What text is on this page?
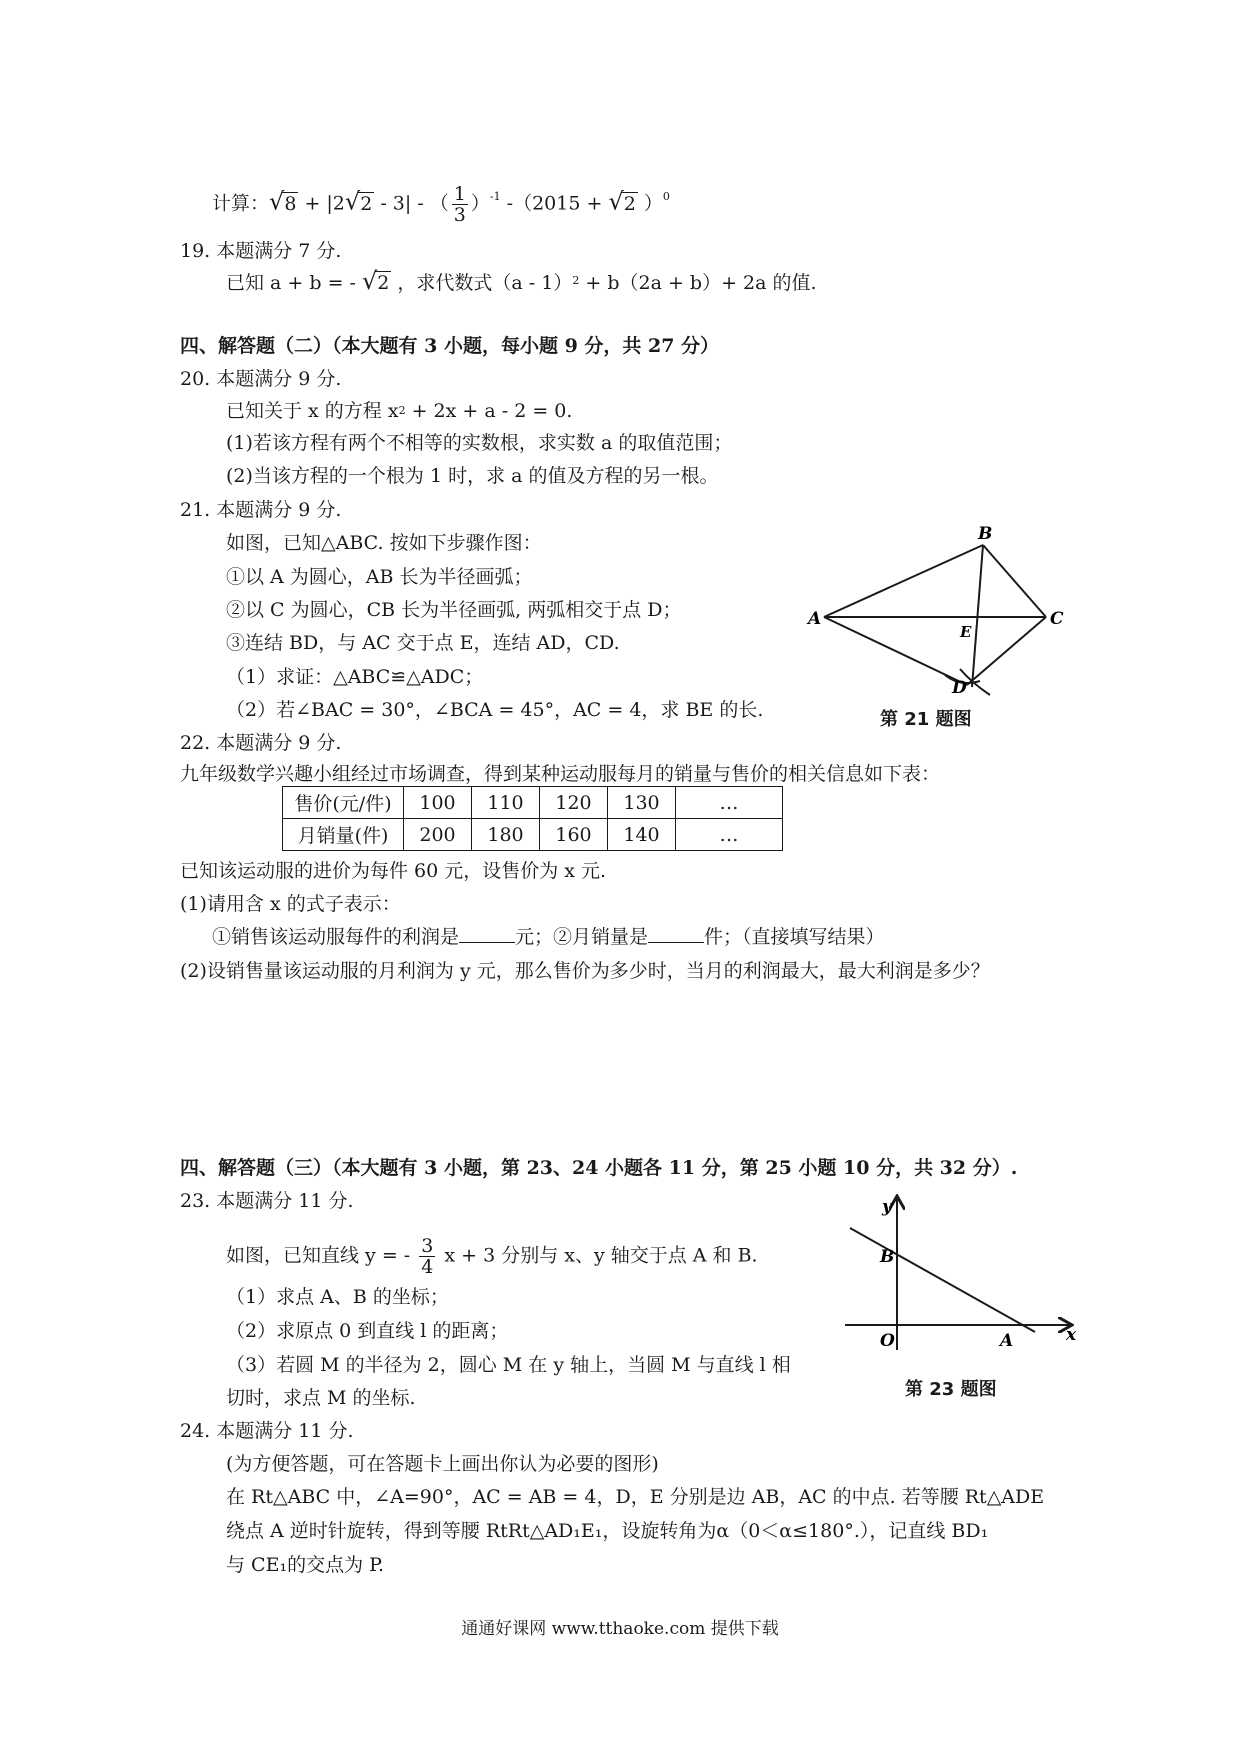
计算：√8 + |2√2 - 3| - （ $\frac{1}{3} )^{-1}$ -（2015 + √2 ）$^0$
19. 本题满分 7 分.
已知 a + b = - √2 ，求代数式（a - 1）$^2$ + b（2a + b）+ 2a 的值.
四、解答题（二）（本大题有 3 小题，每小题 9 分，共 27 分）
20. 本题满分 9 分.
已知关于 x 的方程 $x^2 + 2x + a - 2 = 0$.
(1)若该方程有两个不相等的实数根，求实数 a 的取值范围；
(2)当该方程的一个根为 1 时，求 a 的值及方程的另一根。
21. 本题满分 9 分.
如图，已知△ABC. 按如下步骤作图：
①以 A 为圆心，AB 长为半径画弧；
②以 C 为圆心，CB 长为半径画弧, 两弧相交于点 D；
③连结 BD，与 AC 交于点 E，连结 AD，CD.
（1）求证：△ABC≌△ADC；
（2）若∠BAC = 30°，∠BCA = 45°，AC = 4，求 BE 的长.
A
B
C
D
E
第 21 题图
22. 本题满分 9 分.
九年级数学兴趣小组经过市场调查，得到某种运动服每月的销量与售价的相关信息如下表：
售价(元/件)	100	110	120	130	…
月销量(件)	200	180	160	140	…
已知该运动服的进价为每件 60 元，设售价为 x 元.
(1)请用含 x 的式子表示：
①销售该运动服每件的利润是	元；②月销量是	件；（直接填写结果）
(2)设销售量该运动服的月利润为 y 元，那么售价为多少时，当月的利润最大，最大利润是多少？
四、解答题（三）（本大题有 3 小题，第 23、24 小题各 11 分，第 25 小题 10 分，共 32 分）.
23. 本题满分 11 分.
如图，已知直线 y = - $\frac{3}{4}$ x + 3 分别与 x、y 轴交于点 A 和 B.
（1）求点 A、B 的坐标；
（2）求原点 0 到直线 l 的距离；
（3）若圆 M 的半径为 2，圆心 M 在 y 轴上，当圆 M 与直线 l 相
切时，求点 M 的坐标.
y
x
B
O	A
第 23 题图
24. 本题满分 11 分.
(为方便答题，可在答题卡上画出你认为必要的图形)
在 Rt△ABC 中，∠A=90°，AC = AB = 4，D，E 分别是边 AB，AC 的中点. 若等腰 Rt△ADE
绕点 A 逆时针旋转，得到等腰 RtRt△AD₁E₁，设旋转角为α（0＜α≤180°.），记直线 BD₁
与 CE₁的交点为 P.
通通好课网 www.tthaoke.com 提供下载
